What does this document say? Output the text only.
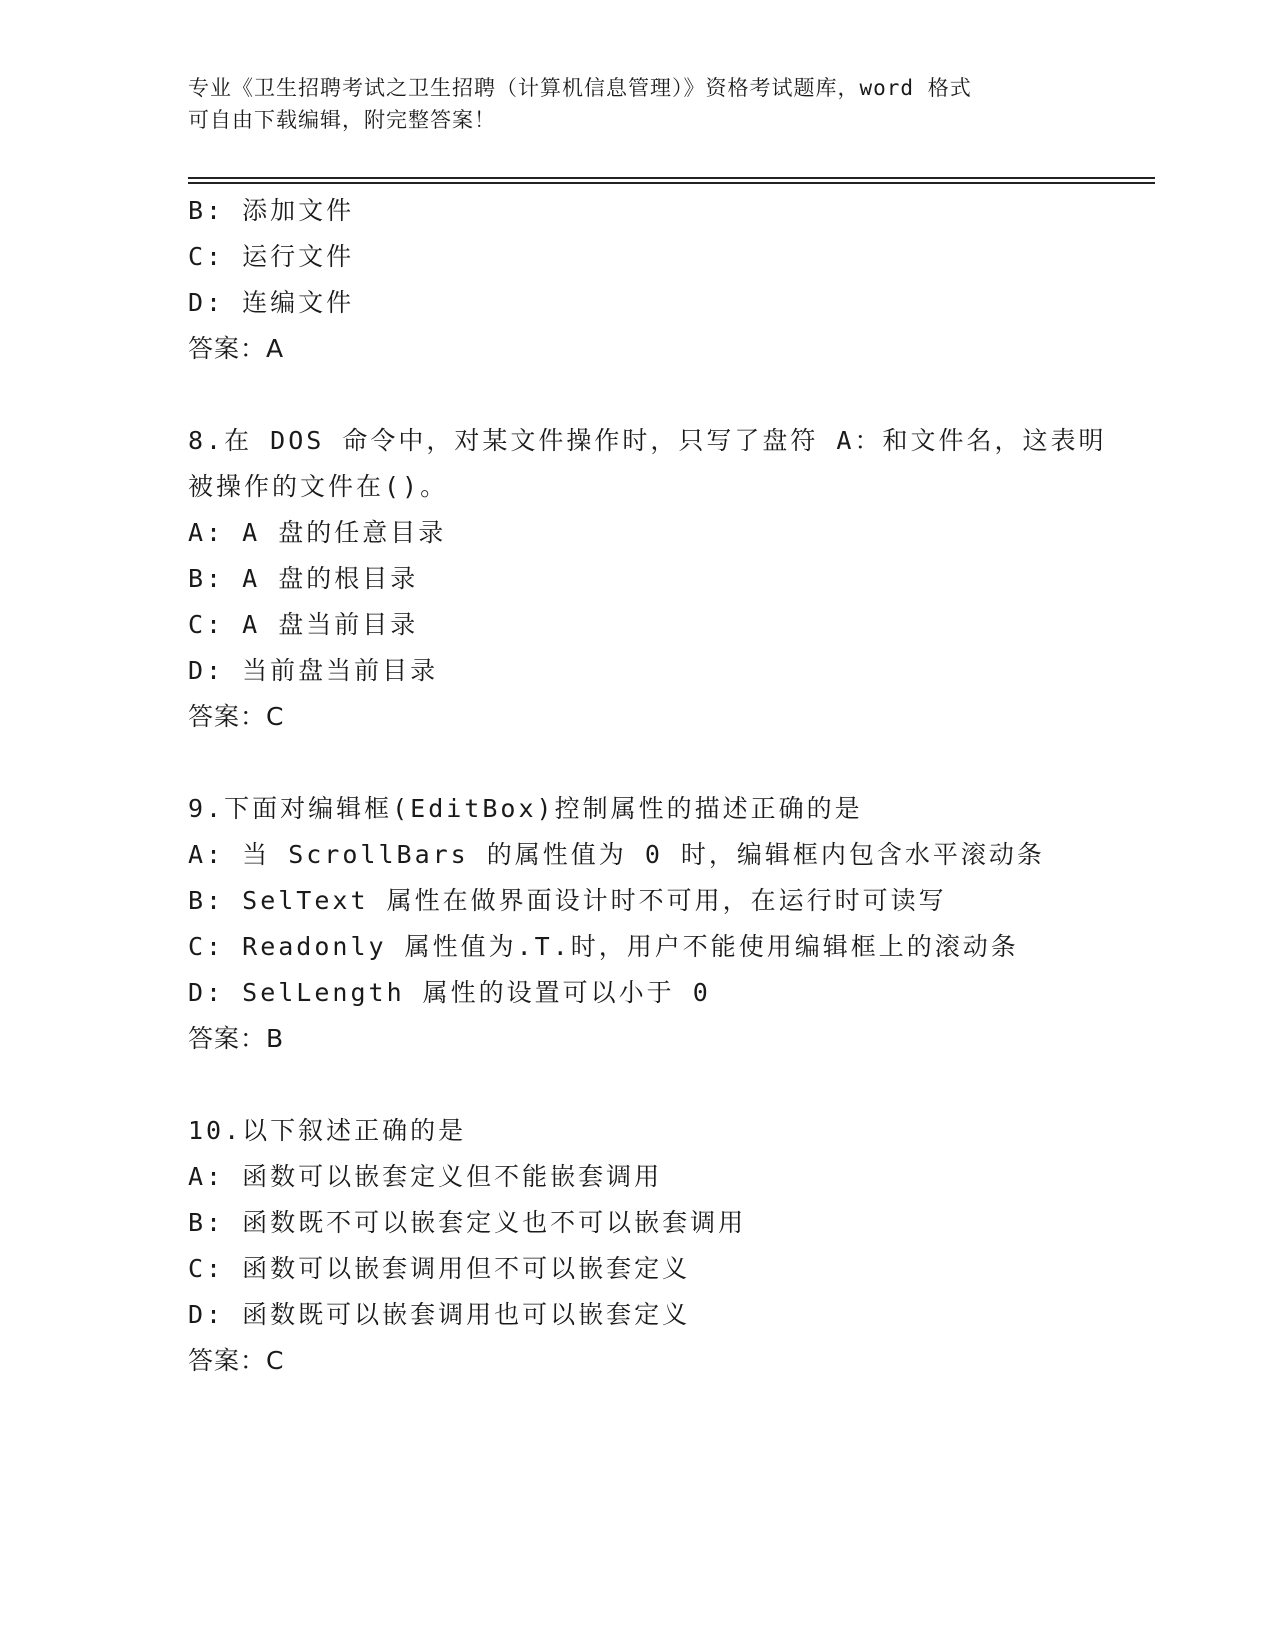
专业《卫生招聘考试之卫生招聘（计算机信息管理）》资格考试题库，word 格式
可自由下载编辑，附完整答案！
B: 添加文件
C: 运行文件
D: 连编文件
答案：A
8.在 DOS 命令中，对某文件操作时，只写了盘符 A：和文件名，这表明
被操作的文件在()。
A: A 盘的任意目录
B: A 盘的根目录
C: A 盘当前目录
D: 当前盘当前目录
答案：C
9.下面对编辑框(EditBox)控制属性的描述正确的是
A: 当 ScrollBars 的属性值为 0 时，编辑框内包含水平滚动条
B: SelText 属性在做界面设计时不可用，在运行时可读写
C: Readonly 属性值为.T.时，用户不能使用编辑框上的滚动条
D: SelLength 属性的设置可以小于 0
答案：B
10.以下叙述正确的是
A: 函数可以嵌套定义但不能嵌套调用
B: 函数既不可以嵌套定义也不可以嵌套调用
C: 函数可以嵌套调用但不可以嵌套定义
D: 函数既可以嵌套调用也可以嵌套定义
答案：C
